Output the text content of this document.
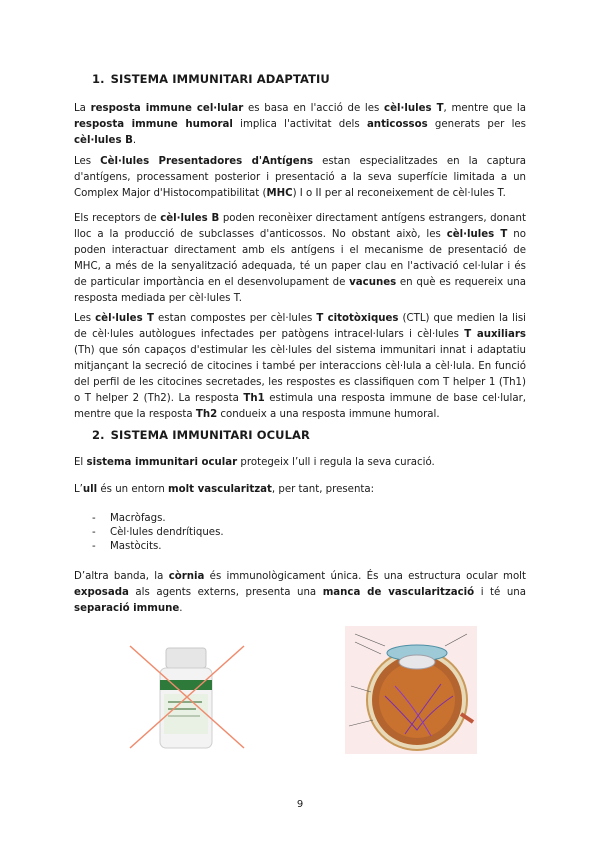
1. SISTEMA IMMUNITARI ADAPTATIU

La resposta immune cel·lular es basa en l'acció de les cèl·lules T, mentre que la resposta immune humoral implica l'activitat dels anticossos generats per les cèl·lules B.

Les Cèl·lules Presentadores d'Antígens estan especialitzades en la captura d'antígens, processament posterior i presentació a la seva superfície limitada a un Complex Major d'Histocompatibilitat (MHC) I o II per al reconeixement de cèl·lules T.

Els receptors de cèl·lules B poden reconèixer directament antígens estrangers, donant lloc a la producció de subclasses d'anticossos. No obstant això, les cèl·lules T no poden interactuar directament amb els antígens i el mecanisme de presentació de MHC, a més de la senyalització adequada, té un paper clau en l'activació cel·lular i és de particular importància en el desenvolupament de vacunes en què es requereix una resposta mediada per cèl·lules T.

Les cèl·lules T estan compostes per cèl·lules T citotòxiques (CTL) que medien la lisi de cèl·lules autòlogues infectades per patògens intracel·lulars i cèl·lules T auxiliars (Th) que són capaços d'estimular les cèl·lules del sistema immunitari innat i adaptatiu mitjançant la secreció de citocines i també per interaccions cèl·lula a cèl·lula. En funció del perfil de les citocines secretades, les respostes es classifiquen com T helper 1 (Th1) o T helper 2 (Th2). La resposta Th1 estimula una resposta immune de base cel·lular, mentre que la resposta Th2 condueix a una resposta immune humoral.

2. SISTEMA IMMUNITARI OCULAR

El sistema immunitari ocular protegeix l’ull i regula la seva curació.

L’ull és un entorn molt vascularitzat, per tant, presenta:

- Macròfags.
- Cèl·lules dendrítiques.
- Mastòcits.

D’altra banda, la còrnia és immunològicament única. És una estructura ocular molt exposada als agents externs, presenta una manca de vascularització i té una separació immune.

9
